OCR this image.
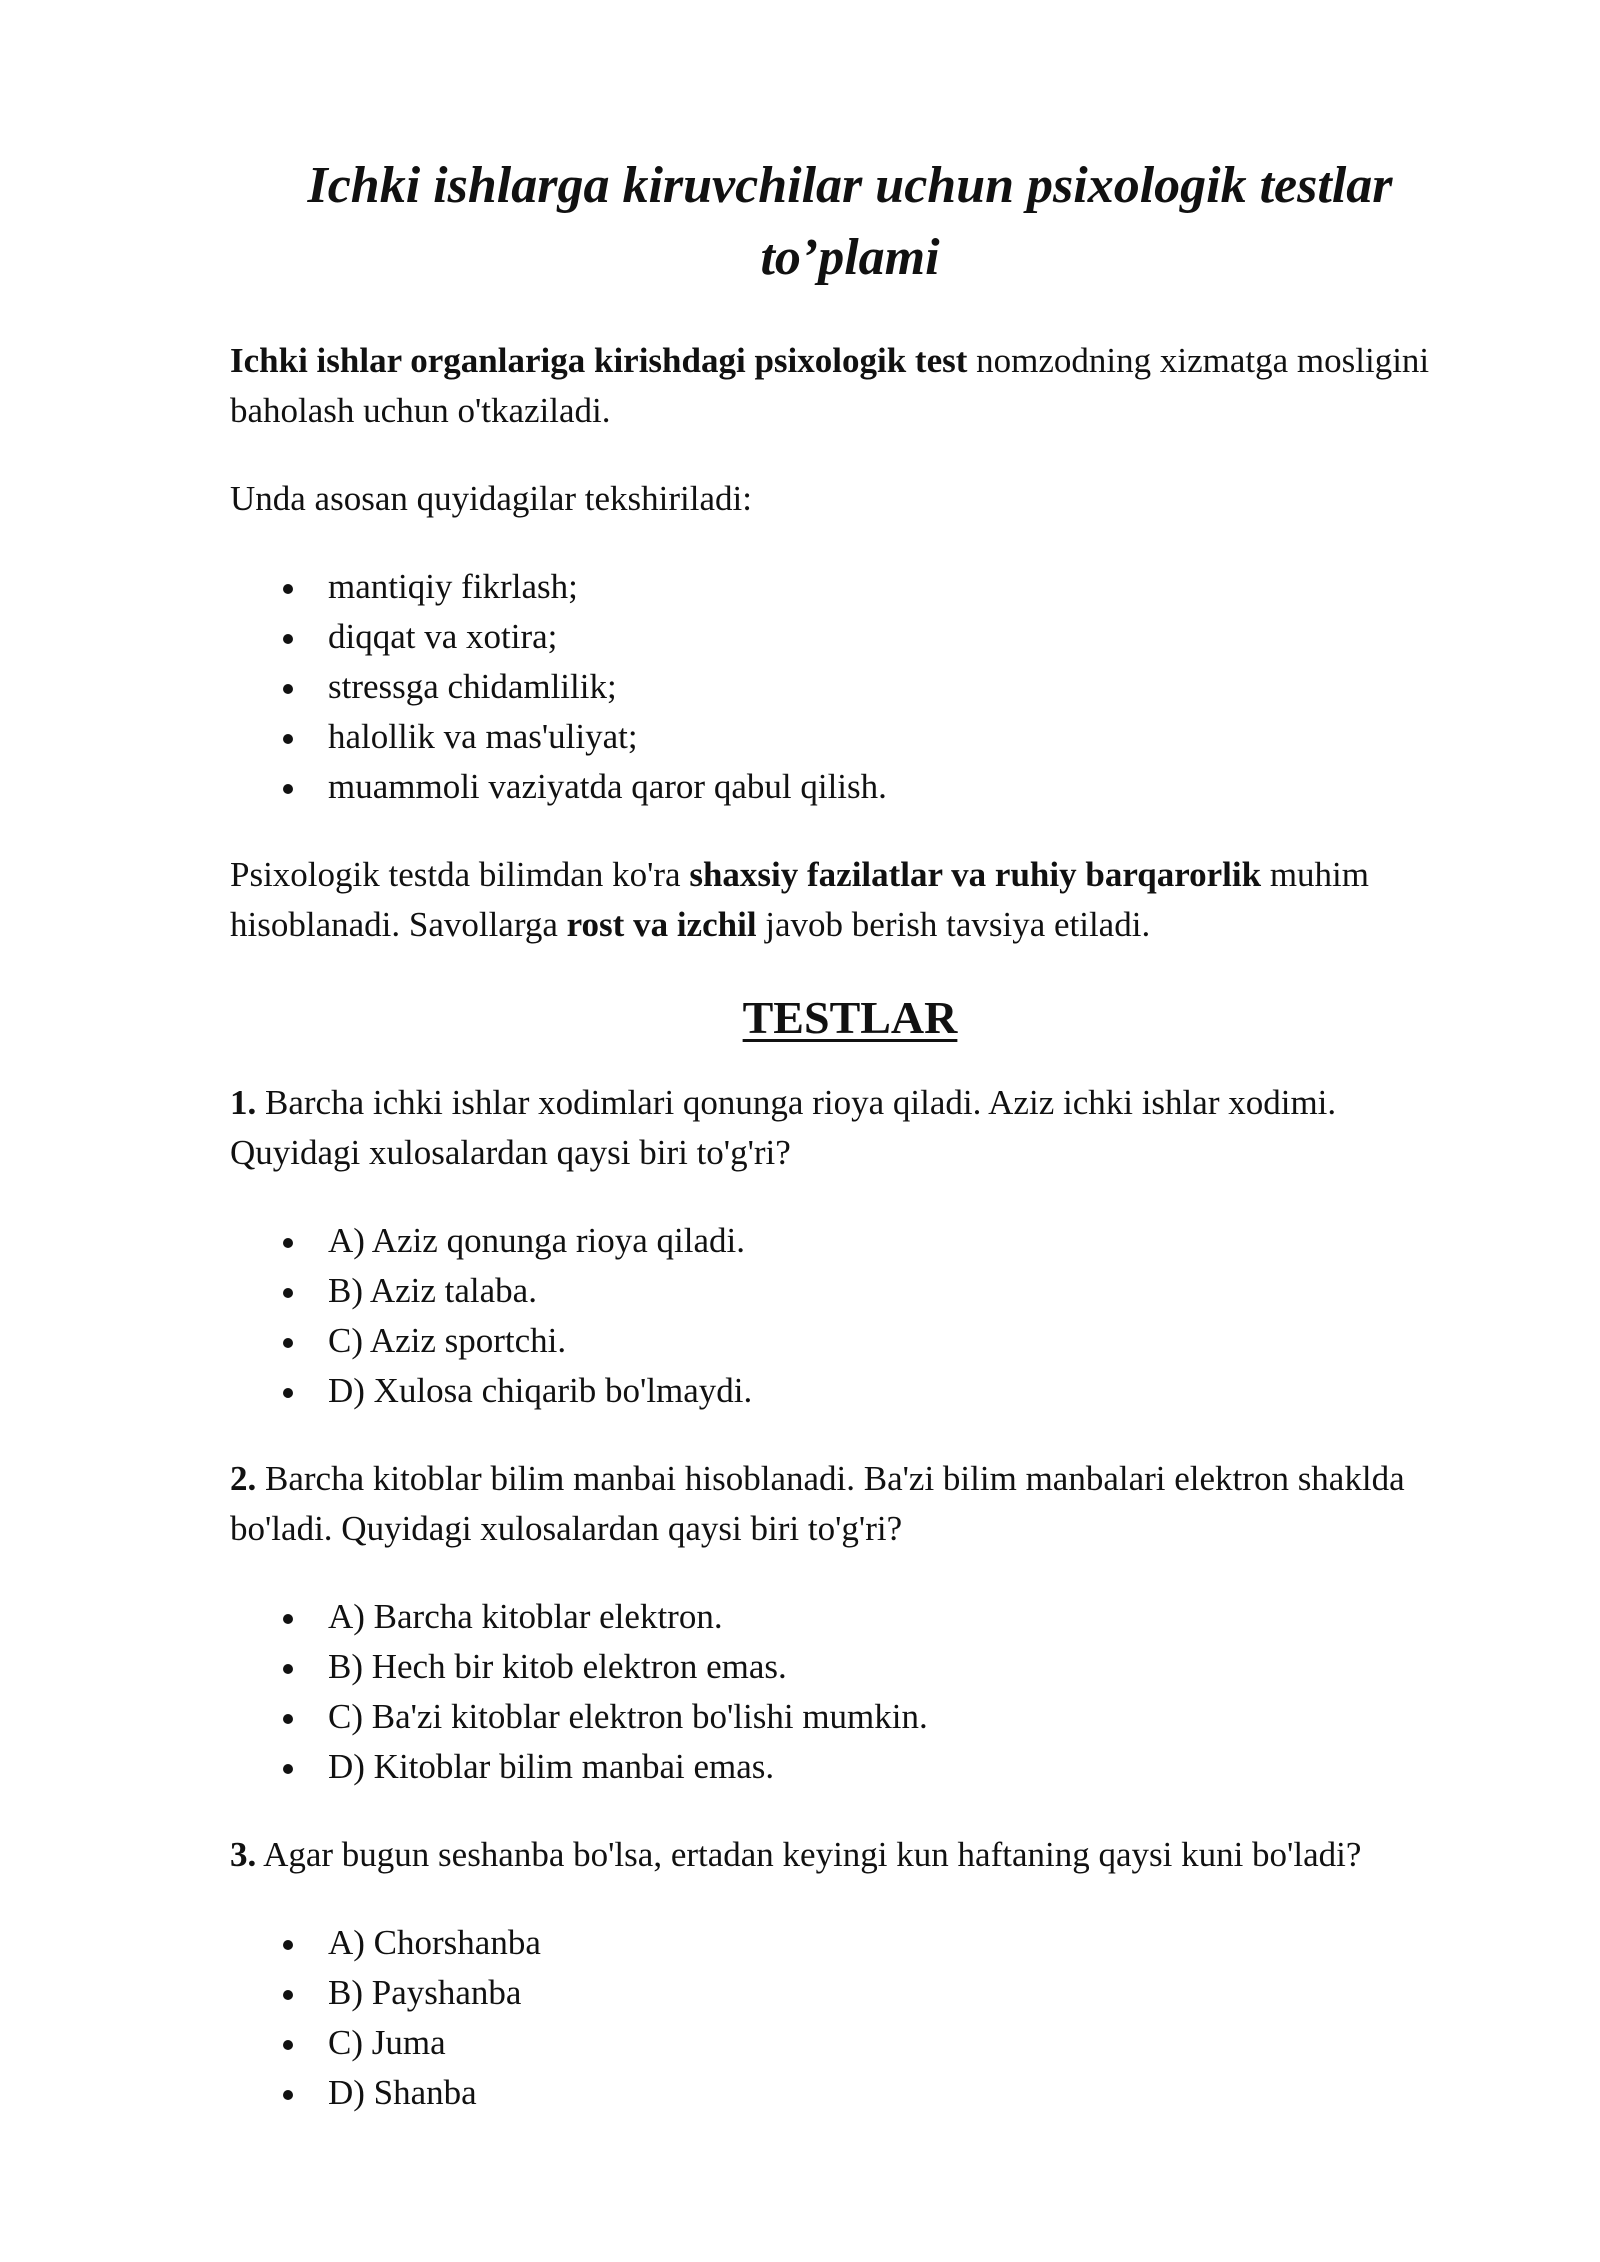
Ichki ishlarga kiruvchilar uchun psixologik testlar
to’plami

Ichki ishlar organlariga kirishdagi psixologik test nomzodning xizmatga mosligini baholash uchun o'tkaziladi.

Unda asosan quyidagilar tekshiriladi:

mantiqiy fikrlash;
diqqat va xotira;
stressga chidamlilik;
halollik va mas'uliyat;
muammoli vaziyatda qaror qabul qilish.

Psixologik testda bilimdan ko'ra shaxsiy fazilatlar va ruhiy barqarorlik muhim hisoblanadi. Savollarga rost va izchil javob berish tavsiya etiladi.

TESTLAR

1. Barcha ichki ishlar xodimlari qonunga rioya qiladi. Aziz ichki ishlar xodimi. Quyidagi xulosalardan qaysi biri to'g'ri?

A) Aziz qonunga rioya qiladi.
B) Aziz talaba.
C) Aziz sportchi.
D) Xulosa chiqarib bo'lmaydi.

2. Barcha kitoblar bilim manbai hisoblanadi. Ba'zi bilim manbalari elektron shaklda bo'ladi. Quyidagi xulosalardan qaysi biri to'g'ri?

A) Barcha kitoblar elektron.
B) Hech bir kitob elektron emas.
C) Ba'zi kitoblar elektron bo'lishi mumkin.
D) Kitoblar bilim manbai emas.

3. Agar bugun seshanba bo'lsa, ertadan keyingi kun haftaning qaysi kuni bo'ladi?

A) Chorshanba
B) Payshanba
C) Juma
D) Shanba
